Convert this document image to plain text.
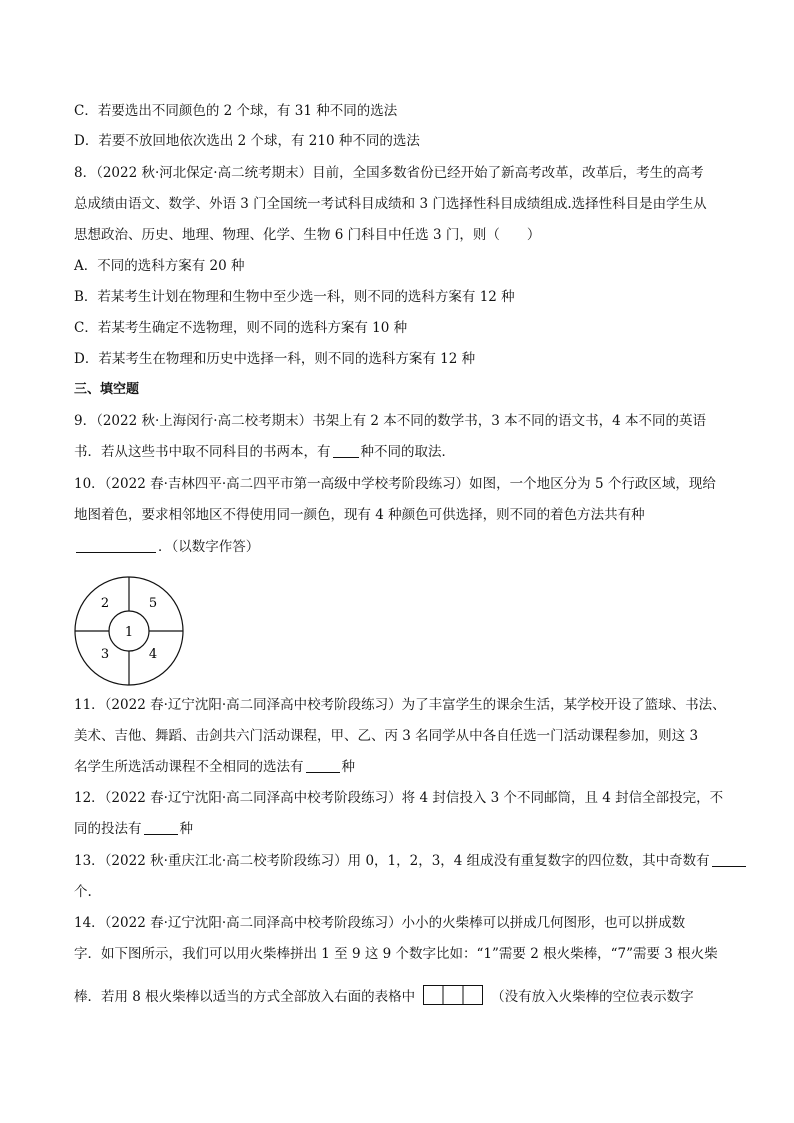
C．若要选出不同颜色的 2 个球，有 31 种不同的选法
D．若要不放回地依次选出 2 个球，有 210 种不同的选法
8．（2022 秋·河北保定·高二统考期末）目前，全国多数省份已经开始了新高考改革，改革后，考生的高考
总成绩由语文、数学、外语 3 门全国统一考试科目成绩和 3 门选择性科目成绩组成.选择性科目是由学生从
思想政治、历史、地理、物理、化学、生物 6 门科目中任选 3 门，则（　　）
A．不同的选科方案有 20 种
B．若某考生计划在物理和生物中至少选一科，则不同的选科方案有 12 种
C．若某考生确定不选物理，则不同的选科方案有 10 种
D．若某考生在物理和历史中选择一科，则不同的选科方案有 12 种
三、填空题
9．（2022 秋·上海闵行·高二校考期末）书架上有 2 本不同的数学书，3 本不同的语文书，4 本不同的英语
书．若从这些书中取不同科目的书两本，有 种不同的取法．
10．（2022 春·吉林四平·高二四平市第一高级中学校考阶段练习）如图，一个地区分为 5 个行政区域，现给
地图着色，要求相邻地区不得使用同一颜色，现有 4 种颜色可供选择，则不同的着色方法共有种
．（以数字作答）
1
2
3	4
5
11．（2022 春·辽宁沈阳·高二同泽高中校考阶段练习）为了丰富学生的课余生活，某学校开设了篮球、书法、
美术、吉他、舞蹈、击剑共六门活动课程，甲、乙、丙 3 名同学从中各自任选一门活动课程参加，则这 3
名学生所选活动课程不全相同的选法有	种
12．（2022 春·辽宁沈阳·高二同泽高中校考阶段练习）将 4 封信投入 3 个不同邮筒，且 4 封信全部投完，不
同的投法有	种
13．（2022 秋·重庆江北·高二校考阶段练习）用 0，1，2，3，4 组成没有重复数字的四位数，其中奇数有
个.
14．（2022 春·辽宁沈阳·高二同泽高中校考阶段练习）小小的火柴棒可以拼成几何图形，也可以拼成数
字．如下图所示，我们可以用火柴棒拼出 1 至 9 这 9 个数字比如：“1”需要 2 根火柴棒，“7”需要 3 根火柴
棒．若用 8 根火柴棒以适当的方式全部放入右面的表格中	（没有放入火柴棒的空位表示数字
